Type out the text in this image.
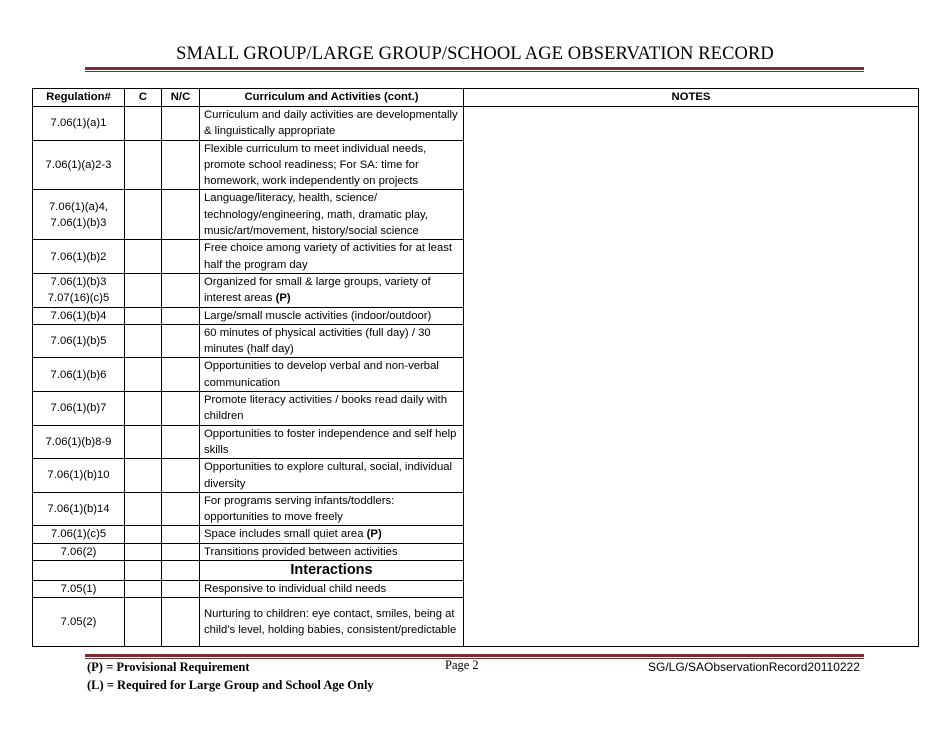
SMALL GROUP/LARGE GROUP/SCHOOL AGE OBSERVATION RECORD
Regulation#	C	N/C	Curriculum and Activities (cont.)	NOTES
7.06(1)(a)1			Curriculum and daily activities are developmentally & linguistically appropriate	
7.06(1)(a)2-3			Flexible curriculum to meet individual needs, promote school readiness; For SA: time for homework, work independently on projects	
7.06(1)(a)4, 7.06(1)(b)3			Language/literacy, health, science/ technology/engineering, math, dramatic play, music/art/movement, history/social science	
7.06(1)(b)2			Free choice among variety of activities for at least half the program day	
7.06(1)(b)3 7.07(16)(c)5			Organized for small & large groups, variety of interest areas (P)	
7.06(1)(b)4			Large/small muscle activities (indoor/outdoor)	
7.06(1)(b)5			60 minutes of physical activities (full day) / 30 minutes (half day)	
7.06(1)(b)6			Opportunities to develop verbal and non-verbal communication	
7.06(1)(b)7			Promote literacy activities / books read daily with children	
7.06(1)(b)8-9			Opportunities to foster independence and self help skills	
7.06(1)(b)10			Opportunities to explore cultural, social, individual diversity	
7.06(1)(b)14			For programs serving infants/toddlers: opportunities to move freely	
7.06(1)(c)5			Space includes small quiet area (P)	
7.06(2)			Transitions provided between activities	
			Interactions	
7.05(1)			Responsive to individual child needs	
7.05(2)			Nurturing to children: eye contact, smiles, being at child’s level, holding babies, consistent/predictable	
(P) = Provisional Requirement
(L) = Required for Large Group and School Age Only
Page 2	SG/LG/SAObservationRecord20110222
